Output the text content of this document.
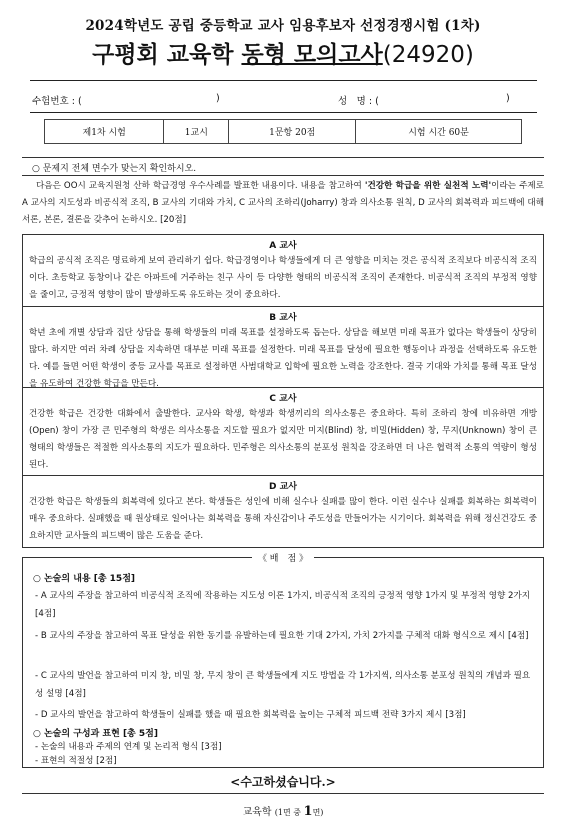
2024학년도 공립 중등학교 교사 임용후보자 선정경쟁시험 (1차)
구평회 교육학 동형 모의고사(24920)
수험번호 : (	)	성　명 : (	)
제1차 시험	1교시	1문항 20점	시험 시간 60분
○ 문제지 전체 면수가 맞는지 확인하시오.
다음은 OO시 교육지원청 산하 학급경영 우수사례를 발표한 내용이다. 내용을 참고하여 '건강한 학급을 위한 실천적 노력'이라는 주제로 A 교사의 지도성과 비공식적 조직, B 교사의 기대와 가치, C 교사의 조하리(Joharry) 창과 의사소통 원칙, D 교사의 회복력과 피드백에 대해 서론, 본론, 결론을 갖추어 논하시오. [20점]
A 교사
학급의 공식적 조직은 명료하게 보여 관리하기 쉽다. 학급경영이나 학생들에게 더 큰 영향을 미치는 것은 공식적 조직보다 비공식적 조직이다. 초등학교 동창이나 같은 아파트에 거주하는 친구 사이 등 다양한 형태의 비공식적 조직이 존재한다. 비공식적 조직의 부정적 영향을 줄이고, 긍정적 영향이 많이 발생하도록 유도하는 것이 중요하다.
B 교사
학년 초에 개별 상담과 집단 상담을 통해 학생들의 미래 목표를 설정하도록 돕는다. 상담을 해보면 미래 목표가 없다는 학생들이 상당히 많다. 하지만 여러 차례 상담을 지속하면 대부분 미래 목표를 설정한다. 미래 목표를 달성에 필요한 행동이나 과정을 선택하도록 유도한다. 예를 들면 어떤 학생이 중등 교사를 목표로 설정하면 사범대학교 입학에 필요한 노력을 강조한다. 결국 기대와 가치를 통해 목표 달성을 유도하여 건강한 학급을 만든다.
C 교사
건강한 학급은 건강한 대화에서 출발한다. 교사와 학생, 학생과 학생끼리의 의사소통은 중요하다. 특히 조하리 창에 비유하면 개방(Open) 창이 가장 큰 민주형의 학생은 의사소통을 지도할 필요가 없지만 미지(Blind) 창, 비밀(Hidden) 창, 무지(Unknown) 창이 큰 형태의 학생들은 적절한 의사소통의 지도가 필요하다. 민주형은 의사소통의 분포성 원칙을 강조하면 더 나은 협력적 소통의 역량이 형성된다.
D 교사
건강한 학급은 학생들의 회복력에 있다고 본다. 학생들은 성인에 비해 실수나 실패를 많이 한다. 이런 실수나 실패를 회복하는 회복력이 매우 중요하다. 실패했을 때 원상태로 일어나는 회복력을 통해 자신감이나 주도성을 만들어가는 시기이다. 회복력을 위해 정신건강도 중요하지만 교사들의 피드백이 많은 도움을 준다.
《 배　점 》
○ 논술의 내용 [총 15점]
- A 교사의 주장을 참고하여 비공식적 조직에 작용하는 지도성 이론 1가지, 비공식적 조직의 긍정적 영향 1가지 및 부정적 영향 2가지 [4점]
- B 교사의 주장을 참고하여 목표 달성을 위한 동기를 유발하는데 필요한 기대 2가지, 가치 2가지를 구체적 대화 형식으로 제시 [4점]
- C 교사의 발언을 참고하여 미지 창, 비밀 창, 무지 창이 큰 학생들에게 지도 방법을 각 1가지씩, 의사소통 분포성 원칙의 개념과 필요성 설명 [4점]
- D 교사의 발언을 참고하여 학생들이 실패를 했을 때 필요한 회복력을 높이는 구체적 피드백 전략 3가지 제시 [3점]
○ 논술의 구성과 표현 [총 5점]
- 논술의 내용과 주제의 연계 및 논리적 형식 [3점]
- 표현의 적절성 [2점]
<수고하셨습니다.>
교육학 (1면 중 1면)
